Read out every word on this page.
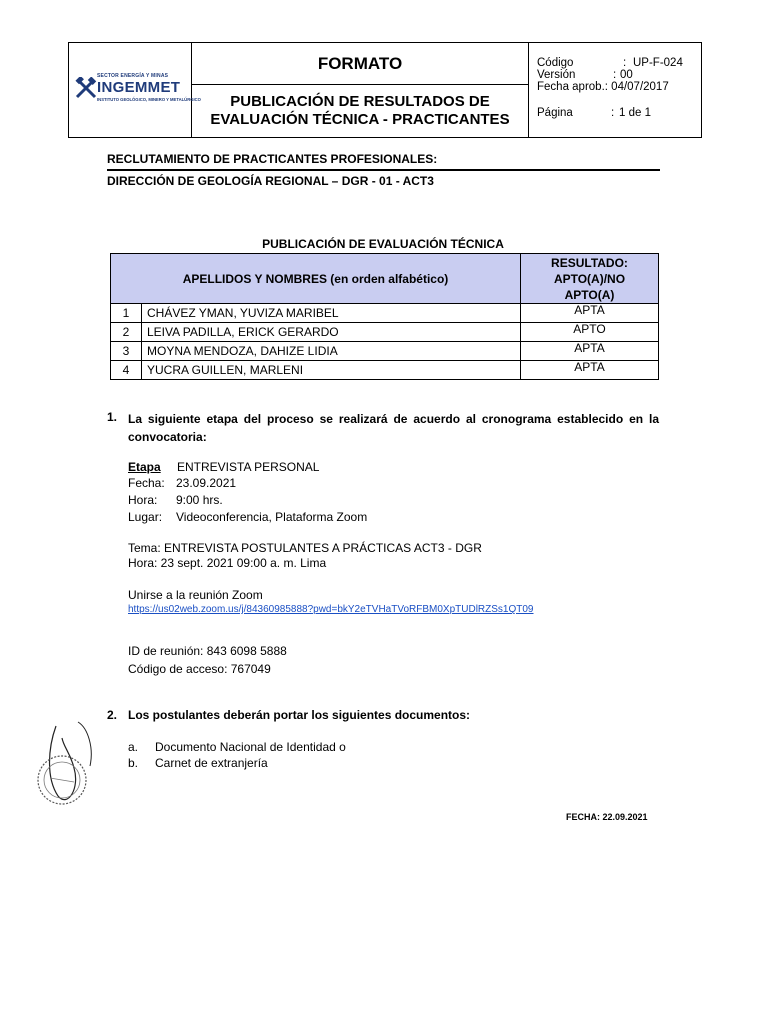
SECTOR ENERGÍA Y MINAS
INGEMMET
INSTITUTO GEOLÓGICO, MINERO Y METALÚRGICO
FORMATO
PUBLICACIÓN DE RESULTADOS DE
EVALUACIÓN TÉCNICA - PRACTICANTES
Código	: UP-F-024
Versión	: 00
Fecha aprob.: 04/07/2017
Página	: 1 de 1
RECLUTAMIENTO DE PRACTICANTES PROFESIONALES:
DIRECCIÓN DE GEOLOGÍA REGIONAL – DGR - 01 - ACT3
PUBLICACIÓN DE EVALUACIÓN TÉCNICA
APELLIDOS Y NOMBRES (en orden alfabético)		RESULTADO:
APTO(A)/NO
APTO(A)

1	CHÁVEZ YMAN, YUVIZA MARIBEL	APTA
2	LEIVA PADILLA, ERICK GERARDO	APTO
3	MOYNA MENDOZA, DAHIZE LIDIA	APTA
4	YUCRA GUILLEN, MARLENI	APTA
1. La siguiente etapa del proceso se realizará de acuerdo al cronograma establecido en la convocatoria:
Etapa ENTREVISTA PERSONAL
Fecha: 23.09.2021
Hora: 9:00 hrs.
Lugar: Videoconferencia, Plataforma Zoom
Tema: ENTREVISTA POSTULANTES A PRÁCTICAS ACT3 - DGR
Hora: 23 sept. 2021 09:00 a. m. Lima
Unirse a la reunión Zoom
https://us02web.zoom.us/j/84360985888?pwd=bkY2eTVHaTVoRFBM0XpTUDlRZSs1QT09
ID de reunión: 843 6098 5888
Código de acceso: 767049
2. Los postulantes deberán portar los siguientes documentos:
a. Documento Nacional de Identidad o
b. Carnet de extranjería
FECHA: 22.09.2021
